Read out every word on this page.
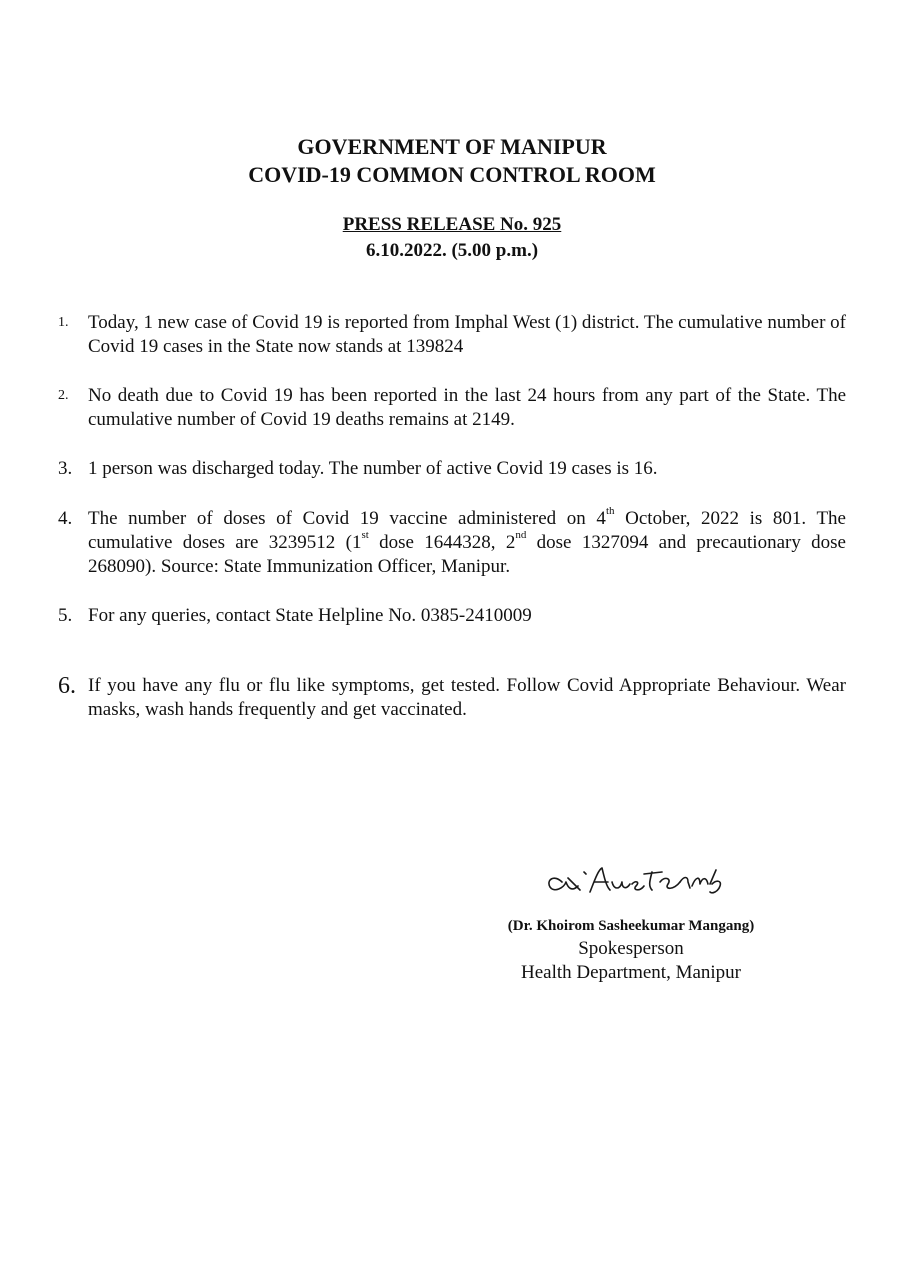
GOVERNMENT OF MANIPUR
COVID-19 COMMON CONTROL ROOM
PRESS RELEASE No. 925
6.10.2022. (5.00 p.m.)
1. Today, 1 new case of Covid 19 is reported from Imphal West (1) district. The cumulative number of Covid 19 cases in the State now stands at 139824
2. No death due to Covid 19 has been reported in the last 24 hours from any part of the State. The cumulative number of Covid 19 deaths remains at 2149.
3. 1 person was discharged today. The number of active Covid 19 cases is 16.
4. The number of doses of Covid 19 vaccine administered on 4th October, 2022 is 801. The cumulative doses are 3239512 (1st dose 1644328, 2nd dose 1327094 and precautionary dose 268090). Source: State Immunization Officer, Manipur.
5. For any queries, contact State Helpline No. 0385-2410009
6. If you have any flu or flu like symptoms, get tested. Follow Covid Appropriate Behaviour. Wear masks, wash hands frequently and get vaccinated.
(Dr. Khoirom Sasheekumar Mangang)
Spokesperson
Health Department, Manipur
